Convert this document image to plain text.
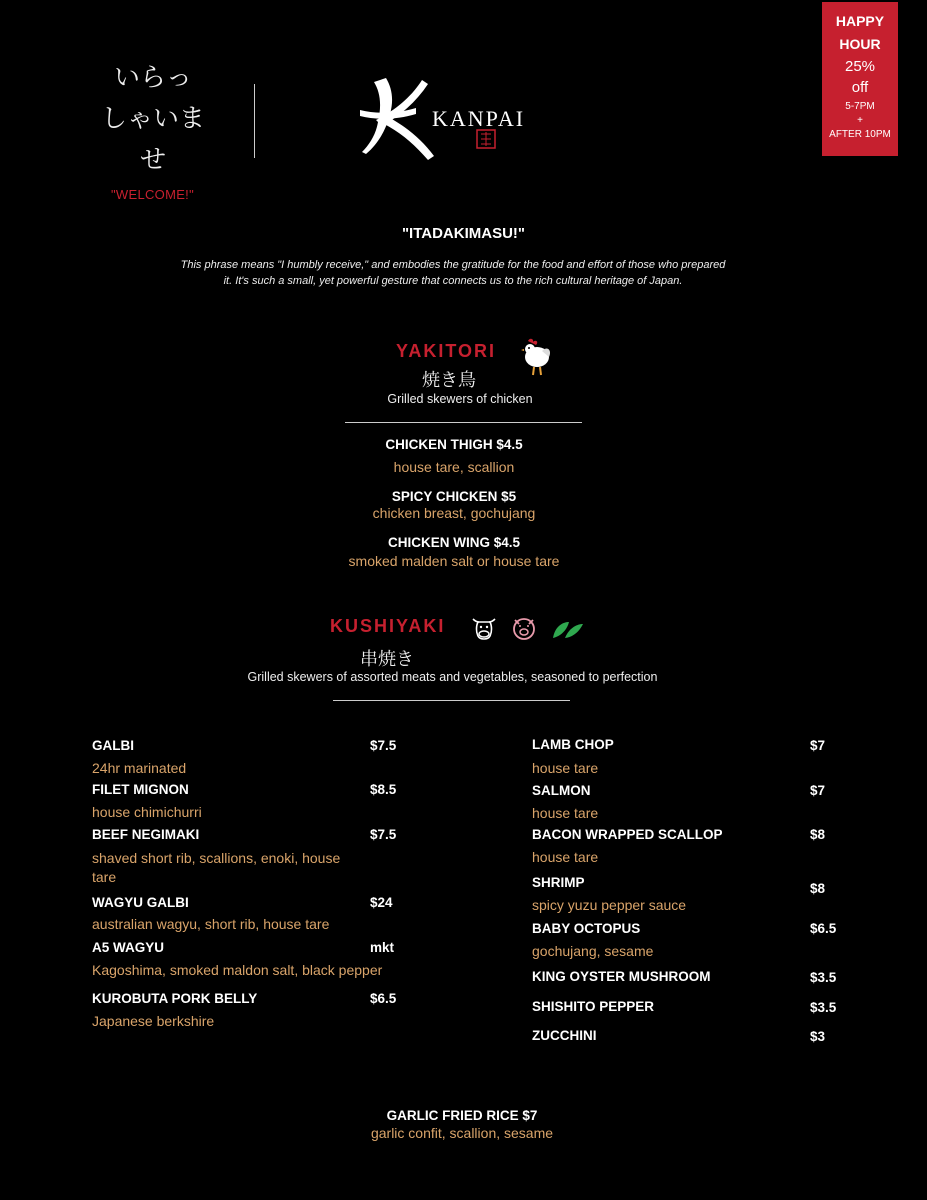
いらっ
しゃいま
せ
"WELCOME!"
KANPAI
HAPPY
HOUR
25%
off
5-7PM
+
AFTER 10PM
"ITADAKIMASU!"
This phrase means "I humbly receive," and embodies the gratitude for the food and effort of those who prepared it. It's such a small, yet powerful gesture that connects us to the rich cultural heritage of Japan.
YAKITORI
焼き鳥
Grilled skewers of chicken
CHICKEN THIGH $4.5
house tare, scallion
SPICY CHICKEN $5
chicken breast, gochujang
CHICKEN WING $4.5
smoked malden salt or house tare
KUSHIYAKI
串焼き
Grilled skewers of assorted meats and vegetables, seasoned to perfection
GALBI	$7.5
24hr marinated
FILET MIGNON	$8.5
house chimichurri
BEEF NEGIMAKI	$7.5
shaved short rib, scallions, enoki, house tare
WAGYU GALBI	$24
australian wagyu, short rib, house tare
A5 WAGYU	mkt
Kagoshima, smoked maldon salt, black pepper
KUROBUTA PORK BELLY	$6.5
Japanese berkshire
LAMB CHOP	$7
house tare
SALMON	$7
house tare
BACON WRAPPED SCALLOP	$8
house tare
SHRIMP	$8
spicy yuzu pepper sauce
BABY OCTOPUS	$6.5
gochujang, sesame
KING OYSTER MUSHROOM	$3.5
SHISHITO PEPPER	$3.5
ZUCCHINI	$3
GARLIC FRIED RICE $7
garlic confit, scallion, sesame
